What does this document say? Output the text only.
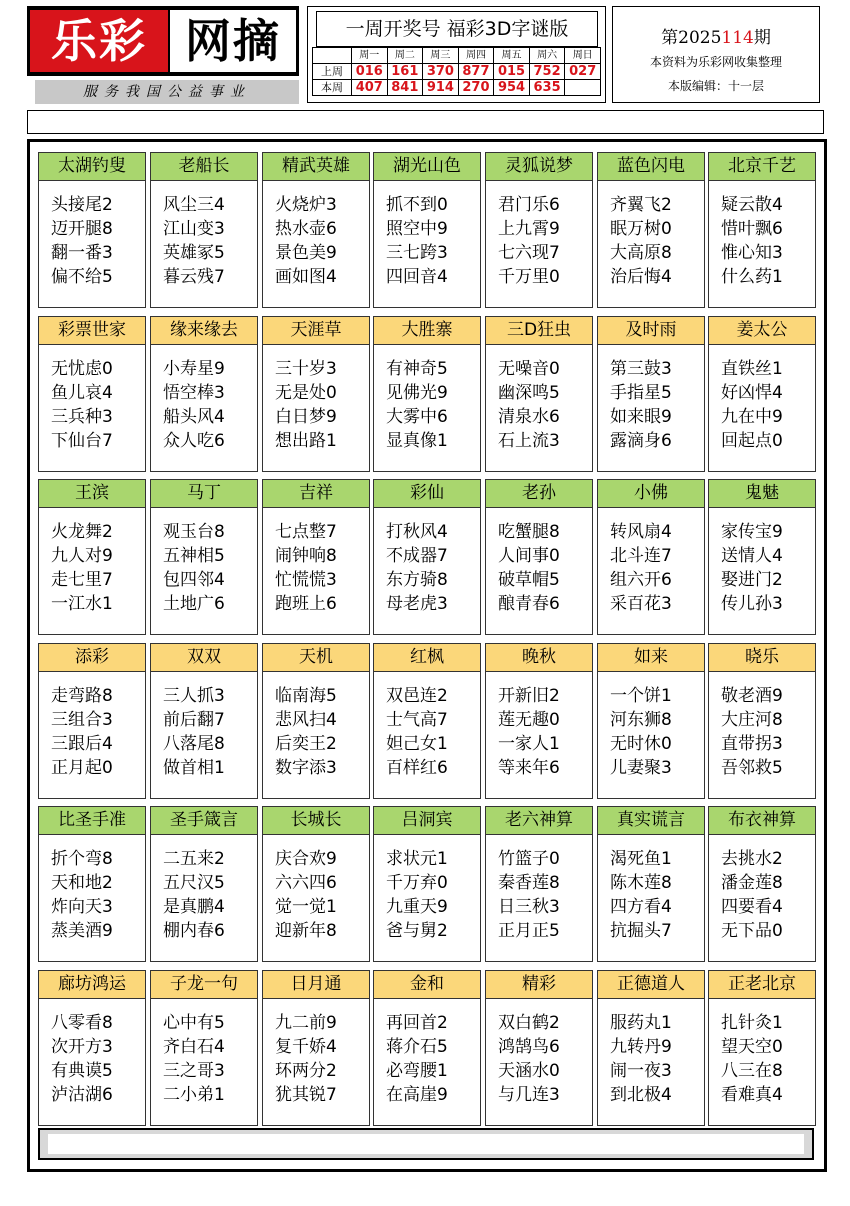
乐彩 网摘
服务我国公益事业
一周开奖号 福彩3D字谜版
	周一	周二	周三	周四	周五	周六	周日
上周	016	161	370	877	015	752	027
本周	407	841	914	270	954	635	
第2025114期
本资料为乐彩网收集整理
本版编辑：十一层
太湖钓叟
头接尾2
迈开腿8
翻一番3
偏不给5
老船长
风尘三4
江山变3
英雄冢5
暮云残7
精武英雄
火烧炉3
热水壶6
景色美9
画如图4
湖光山色
抓不到0
照空中9
三七跨3
四回音4
灵狐说梦
君门乐6
上九霄9
七六现7
千万里0
蓝色闪电
齐翼飞2
眠万树0
大高原8
治后悔4
北京千艺
疑云散4
惜叶飘6
惟心知3
什么药1
彩票世家
无忧虑0
鱼儿哀4
三兵种3
下仙台7
缘来缘去
小寿星9
悟空棒3
船头风4
众人吃6
天涯草
三十岁3
无是处0
白日梦9
想出路1
大胜寨
有神奇5
见佛光9
大雾中6
显真像1
三D狂虫
无噪音0
幽深鸣5
清泉水6
石上流3
及时雨
第三鼓3
手指星5
如来眼9
露滴身6
姜太公
直铁丝1
好凶悍4
九在中9
回起点0
王滨
火龙舞2
九人对9
走七里7
一江水1
马丁
观玉台8
五神相5
包四邻4
土地广6
吉祥
七点整7
闹钟响8
忙慌慌3
跑班上6
彩仙
打秋风4
不成器7
东方骑8
母老虎3
老孙
吃蟹腿8
人间事0
破草帽5
酿青春6
小佛
转风扇4
北斗连7
组六开6
采百花3
鬼魅
家传宝9
送情人4
娶进门2
传儿孙3
添彩
走弯路8
三组合3
三跟后4
正月起0
双双
三人抓3
前后翻7
八落尾8
做首相1
天机
临南海5
悲风扫4
后奕王2
数字添3
红枫
双邑连2
士气高7
妲己女1
百样红6
晚秋
开新旧2
莲无趣0
一家人1
等来年6
如来
一个饼1
河东狮8
无时休0
儿妻聚3
晓乐
敬老酒9
大庄河8
直带拐3
吾邻救5
比圣手准
折个弯8
天和地2
炸向天3
蒸美酒9
圣手箴言
二五来2
五尺汉5
是真鹏4
棚内春6
长城长
庆合欢9
六六四6
觉一觉1
迎新年8
吕洞宾
求状元1
千万弃0
九重天9
爸与舅2
老六神算
竹篮子0
秦香莲8
日三秋3
正月正5
真实谎言
渴死鱼1
陈木莲8
四方看4
抗掘头7
布衣神算
去挑水2
潘金莲8
四要看4
无下品0
廊坊鸿运
八零看8
次开方3
有典谟5
泸沽湖6
子龙一句
心中有5
齐白石4
三之哥3
二小弟1
日月通
九二前9
复千娇4
环两分2
犹其锐7
金和
再回首2
蒋介石5
必弯腰1
在高崖9
精彩
双白鹤2
鸿鹄鸟6
天涵水0
与几连3
正德道人
服药丸1
九转丹9
闹一夜3
到北极4
正老北京
扎针灸1
望天空0
八三在8
看难真4
